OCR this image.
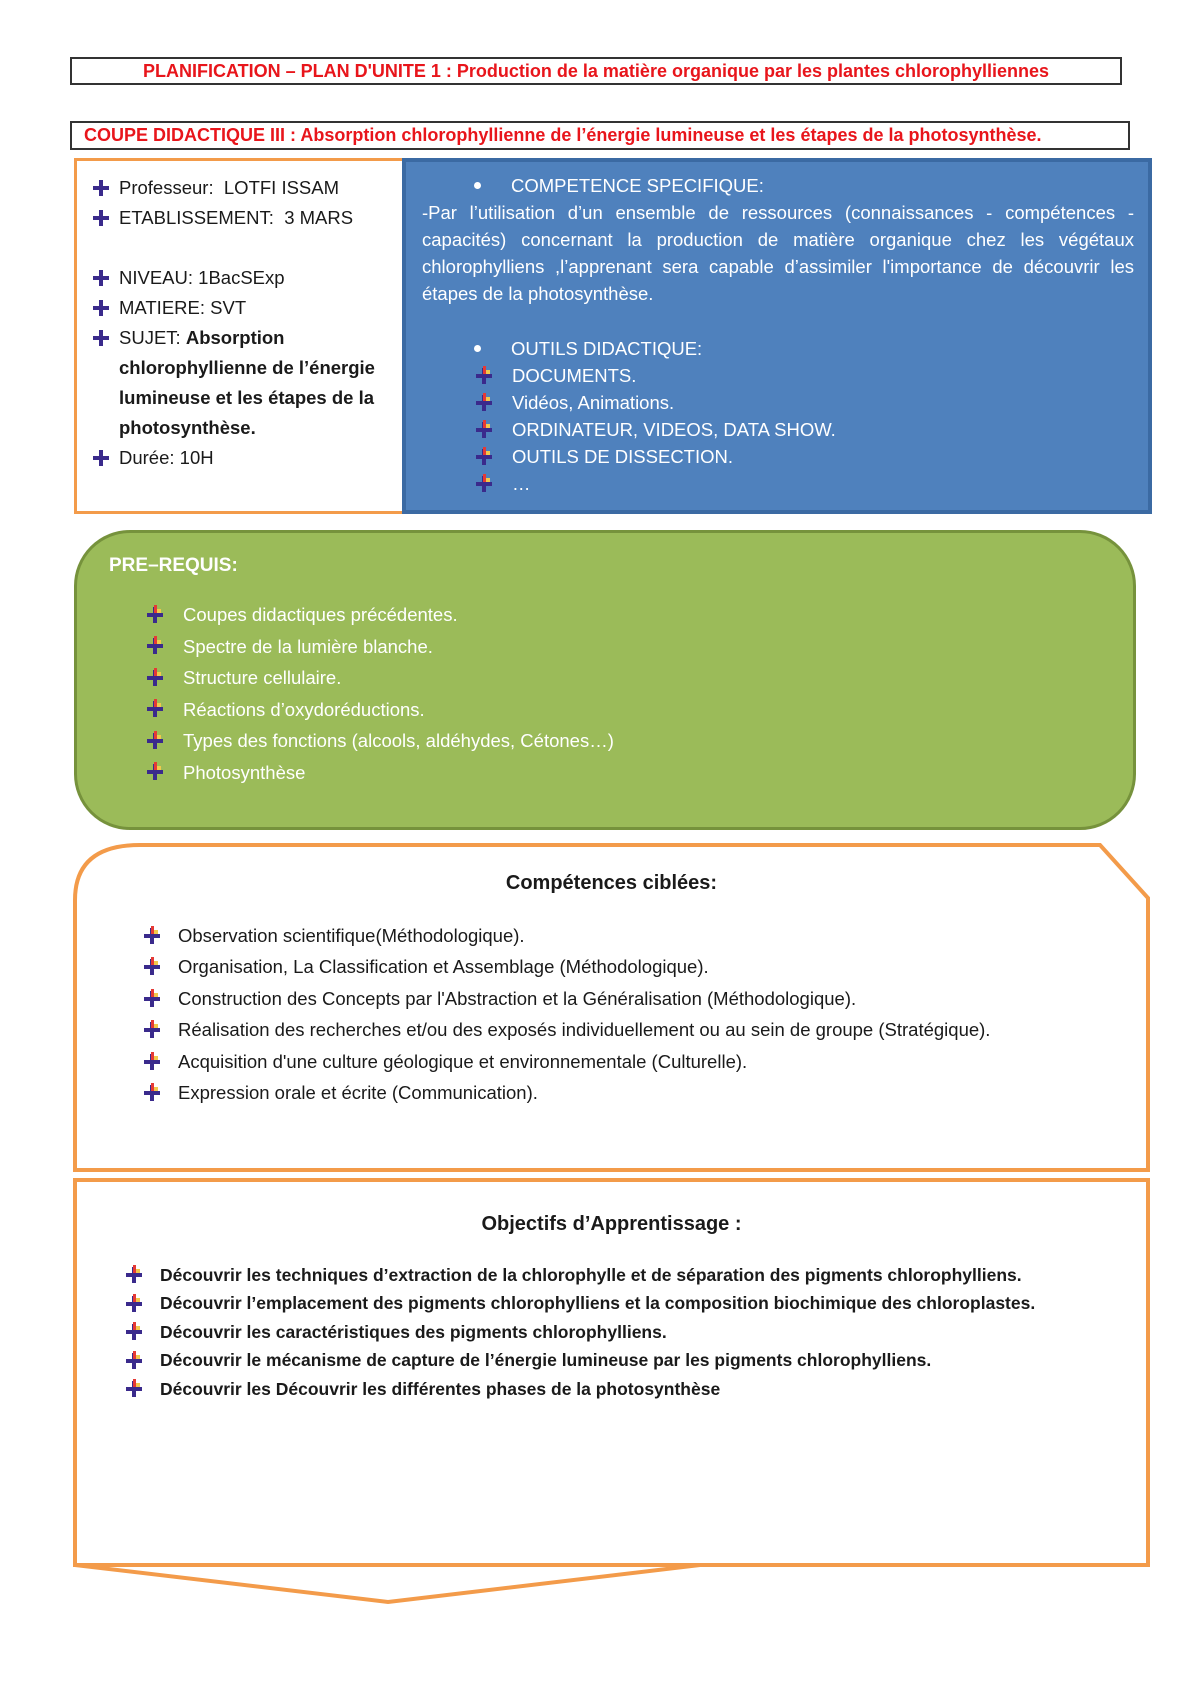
PLANIFICATION – PLAN D'UNITE 1 : Production de la matière organique par les plantes chlorophylliennes
COUPE DIDACTIQUE III : Absorption chlorophyllienne de l’énergie lumineuse et les étapes de la photosynthèse.
Professeur:
LOTFI ISSAM
ETABLISSEMENT:
3 MARS
NIVEAU:
1BacSExp
MATIERE:
SVT
SUJET: Absorption
chlorophyllienne de l’énergie
lumineuse et les étapes de la
photosynthèse.
Durée:
10H
COMPETENCE SPECIFIQUE:
-Par l’utilisation d’un ensemble de ressources (connaissances - compétences - capacités) concernant la production de matière organique chez les végétaux chlorophylliens ,l’apprenant sera capable d’assimiler l'importance de découvrir les étapes de la photosynthèse.
OUTILS DIDACTIQUE:
DOCUMENTS.
Vidéos, Animations.
ORDINATEUR, VIDEOS, DATA SHOW.
OUTILS DE DISSECTION.
…
PRE–REQUIS:
Coupes didactiques précédentes.
Spectre de la lumière blanche.
Structure cellulaire.
Réactions d’oxydoréductions.
Types des fonctions (alcools, aldéhydes, Cétones…)
Photosynthèse
Compétences ciblées:
Observation scientifique(Méthodologique).
Organisation, La Classification et Assemblage (Méthodologique).
Construction des Concepts par l'Abstraction et la Généralisation (Méthodologique).
Réalisation des recherches et/ou des exposés individuellement ou au sein de groupe (Stratégique).
Acquisition d'une culture géologique et environnementale (Culturelle).
Expression orale et écrite (Communication).
Objectifs d’Apprentissage :
Découvrir les techniques d’extraction de la chlorophylle et de séparation des pigments chlorophylliens.
Découvrir l’emplacement des pigments chlorophylliens et la composition biochimique des chloroplastes.
Découvrir les caractéristiques des pigments chlorophylliens.
Découvrir le mécanisme de capture de l’énergie lumineuse par les pigments chlorophylliens.
Découvrir les Découvrir les différentes phases de la photosynthèse
